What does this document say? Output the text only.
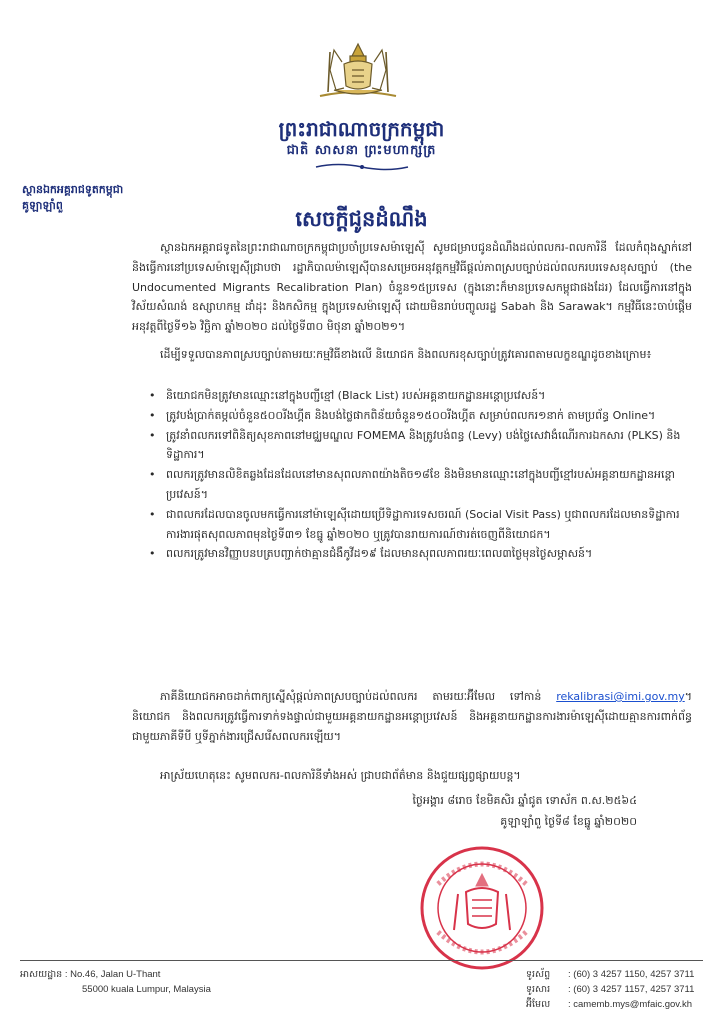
ព្រះរាជាណាចក្រកម្ពុជា
ជាតិ សាសនា ព្រះមហាក្សត្រ
ស្ថានឯកអគ្គរាជទូតកម្ពុជា
គូឡាឡាំពួ
សេចក្ដីជូនដំណឹង
ស្ថានឯកអគ្គរាជទូតនៃព្រះរាជាណាចក្រកម្ពុជាប្រចាំប្រទេសម៉ាឡេស៊ី សូមជម្រាបជូនដំណឹងដល់ពលករ-ពលការិនី ដែលកំពុងស្នាក់នៅ និងធ្វើការនៅប្រទេសម៉ាឡេស៊ីជ្រាបថា រដ្ឋាភិបាលម៉ាឡេស៊ីបានសម្រេចអនុវត្តកម្មវិធីផ្ដល់ភាពស្របច្បាប់ដល់ពលករបរទេសខុសច្បាប់ (the Undocumented Migrants Recalibration Plan) ចំនួន១៥ប្រទេស (ក្នុងនោះក៏មានប្រទេសកម្ពុជាផងដែរ) ដែលធ្វើការនៅក្នុងវិស័យសំណង់ ឧស្សាហកម្ម ដាំដុះ និងកសិកម្ម ក្នុងប្រទេសម៉ាឡេស៊ី ដោយមិនរាប់បញ្ចូលរដ្ឋ Sabah និង Sarawak។ កម្មវិធីនេះចាប់ផ្ដើមអនុវត្តពីថ្ងៃទី១៦ វិច្ឆិកា ឆ្នាំ២០២០ ដល់ថ្ងៃទី៣០ មិថុនា ឆ្នាំ២០២១។
ដើម្បីទទួលបានភាពស្របច្បាប់តាមរយៈកម្មវិធីខាងលើ និយោជក និងពលករខុសច្បាប់ត្រូវគោរពតាមលក្ខខណ្ឌដូចខាងក្រោម៖
• និយោជកមិនត្រូវមានឈ្មោះនៅក្នុងបញ្ជីខ្មៅ (Black List) របស់អគ្គនាយកដ្ឋានអន្តោប្រវេសន៍។
• ត្រូវបង់ប្រាក់តម្កល់ចំនួន៥០០រីងហ្គីត និងបង់ថ្លៃផាកពិន័យចំនួន១៥០០រីងហ្គីត សម្រាប់ពលករ១នាក់ តាមប្រព័ន្ធ Online។
• ត្រូវនាំពលករទៅពិនិត្យសុខភាពនៅមជ្ឈមណ្ឌល FOMEMA និងត្រូវបង់ពន្ធ (Levy) បង់ថ្លៃសេវាងំណើរការឯកសារ (PLKS) និងទិដ្ឋាការ។
• ពលករត្រូវមានលិខិតឆ្លងដែនដែលនៅមានសុពលភាពយ៉ាងតិច១៨ខែ និងមិនមានឈ្មោះនៅក្នុងបញ្ជីខ្មៅរបស់អគ្គនាយកដ្ឋានអន្តោប្រវេសន៍។
• ជាពលករដែលបានចូលមកធ្វើការនៅម៉ាឡេស៊ីដោយប្រើទិដ្ឋាការទេសចរណ៍ (Social Visit Pass) ឬជាពលករដែលមានទិដ្ឋាការការងារផុតសុពលភាពមុនថ្ងៃទី៣១ ខែធ្នូ ឆ្នាំ២០២០ ឬត្រូវបានរាយការណ៍ថារត់ចេញពីនិយោជក។
• ពលករត្រូវមានវិញ្ញាបនបត្របញ្ជាក់ថាគ្មានជំងឺកូវីដ១៩ ដែលមានសុពលភាពរយៈពេល៣ថ្ងៃមុនថ្ងៃសម្ភាសន៍។
ភាគីនិយោជកអាចដាក់ពាក្យស្នើសុំផ្ដល់ភាពស្របច្បាប់ដល់ពលករ តាមរយៈអ៊ីមែល ទៅកាន់ rekalibrasi@imi.gov.my។ និយោជក និងពលករត្រូវធ្វើការទាក់ទងផ្ទាល់ជាមួយអគ្គនាយកដ្ឋានអន្តោប្រវេសន៍ និងអគ្គនាយកដ្ឋានការងារម៉ាឡេស៊ីដោយគ្មានការពាក់ព័ន្ធជាមួយភាគីទីបី ឬទីភ្នាក់ងារជ្រើសរើសពលករឡើយ។
អាស្រ័យហេតុនេះ សូមពលករ-ពលការិនីទាំងអស់ ជ្រាបជាព័ត៌មាន និងជួយផ្សព្វផ្សាយបន្ត។
ថ្ងៃអង្គារ ៨រោច ខែមិគសិរ ឆ្នាំជូត ទោស័ក ព.ស.២៥៦៤
គូឡាឡាំពួ ថ្ងៃទី៨ ខែធ្នូ ឆ្នាំ២០២០
អាសយដ្ឋាន : No.46, Jalan U-Thant
55000 kuala Lumpur, Malaysia
ទូរស័ព្ទ	: (60) 3 4257 1150, 4257 3711
ទូរសារ	: (60) 3 4257 1157, 4257 3711
អ៊ីមែល	: camemb.mys@mfaic.gov.kh
